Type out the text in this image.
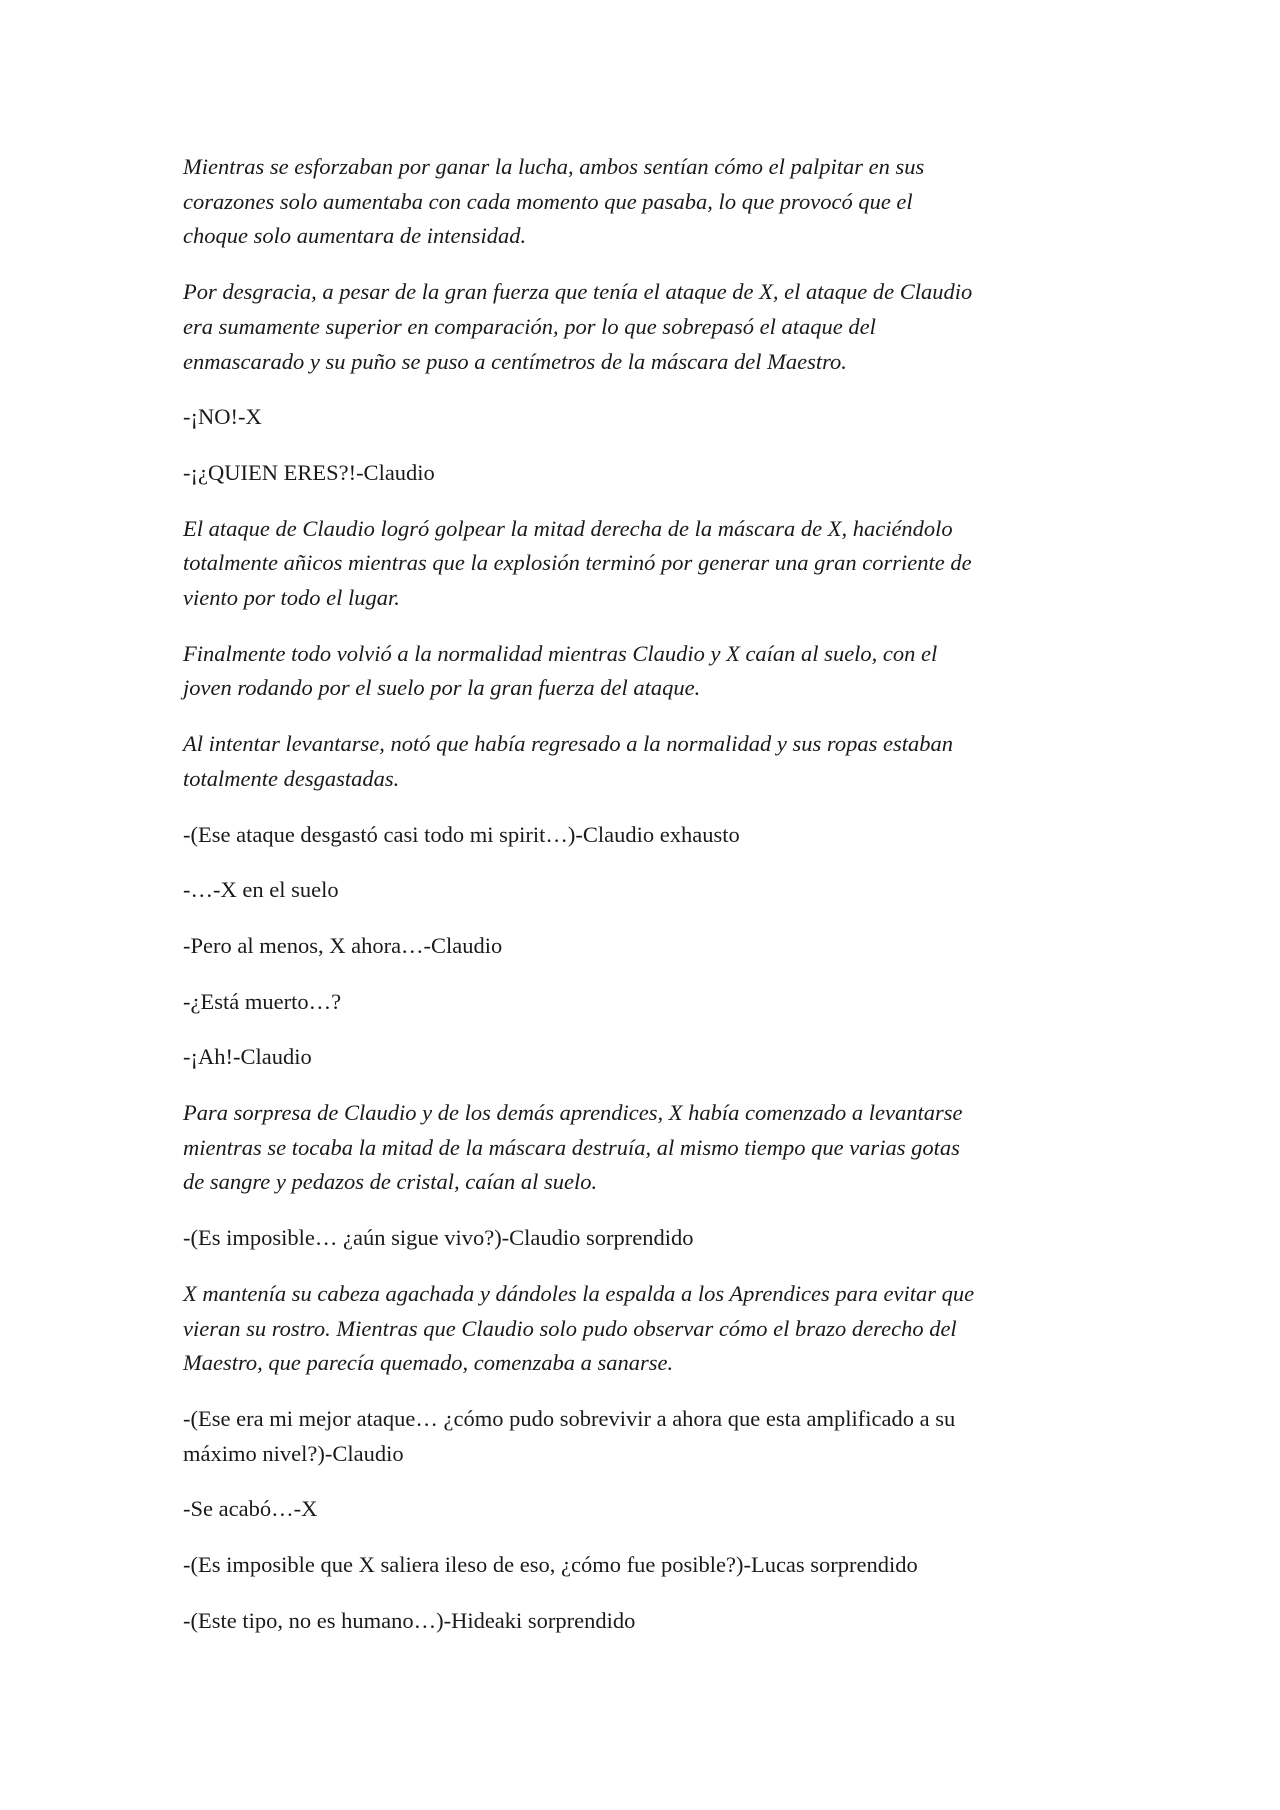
Mientras se esforzaban por ganar la lucha, ambos sentían cómo el palpitar en sus
corazones solo aumentaba con cada momento que pasaba, lo que provocó que el
choque solo aumentara de intensidad.

Por desgracia, a pesar de la gran fuerza que tenía el ataque de X, el ataque de Claudio
era sumamente superior en comparación, por lo que sobrepasó el ataque del
enmascarado y su puño se puso a centímetros de la máscara del Maestro.

-¡NO!-X

-¡¿QUIEN ERES?!-Claudio

El ataque de Claudio logró golpear la mitad derecha de la máscara de X, haciéndolo
totalmente añicos mientras que la explosión terminó por generar una gran corriente de
viento por todo el lugar.

Finalmente todo volvió a la normalidad mientras Claudio y X caían al suelo, con el
joven rodando por el suelo por la gran fuerza del ataque.

Al intentar levantarse, notó que había regresado a la normalidad y sus ropas estaban
totalmente desgastadas.

-(Ese ataque desgastó casi todo mi spirit…)-Claudio exhausto

-…-X en el suelo

-Pero al menos, X ahora…-Claudio

-¿Está muerto…?

-¡Ah!-Claudio

Para sorpresa de Claudio y de los demás aprendices, X había comenzado a levantarse
mientras se tocaba la mitad de la máscara destruía, al mismo tiempo que varias gotas
de sangre y pedazos de cristal, caían al suelo.

-(Es imposible… ¿aún sigue vivo?)-Claudio sorprendido

X mantenía su cabeza agachada y dándoles la espalda a los Aprendices para evitar que
vieran su rostro. Mientras que Claudio solo pudo observar cómo el brazo derecho del
Maestro, que parecía quemado, comenzaba a sanarse.

-(Ese era mi mejor ataque… ¿cómo pudo sobrevivir a ahora que esta amplificado a su
máximo nivel?)-Claudio

-Se acabó…-X

-(Es imposible que X saliera ileso de eso, ¿cómo fue posible?)-Lucas sorprendido

-(Este tipo, no es humano…)-Hideaki sorprendido
